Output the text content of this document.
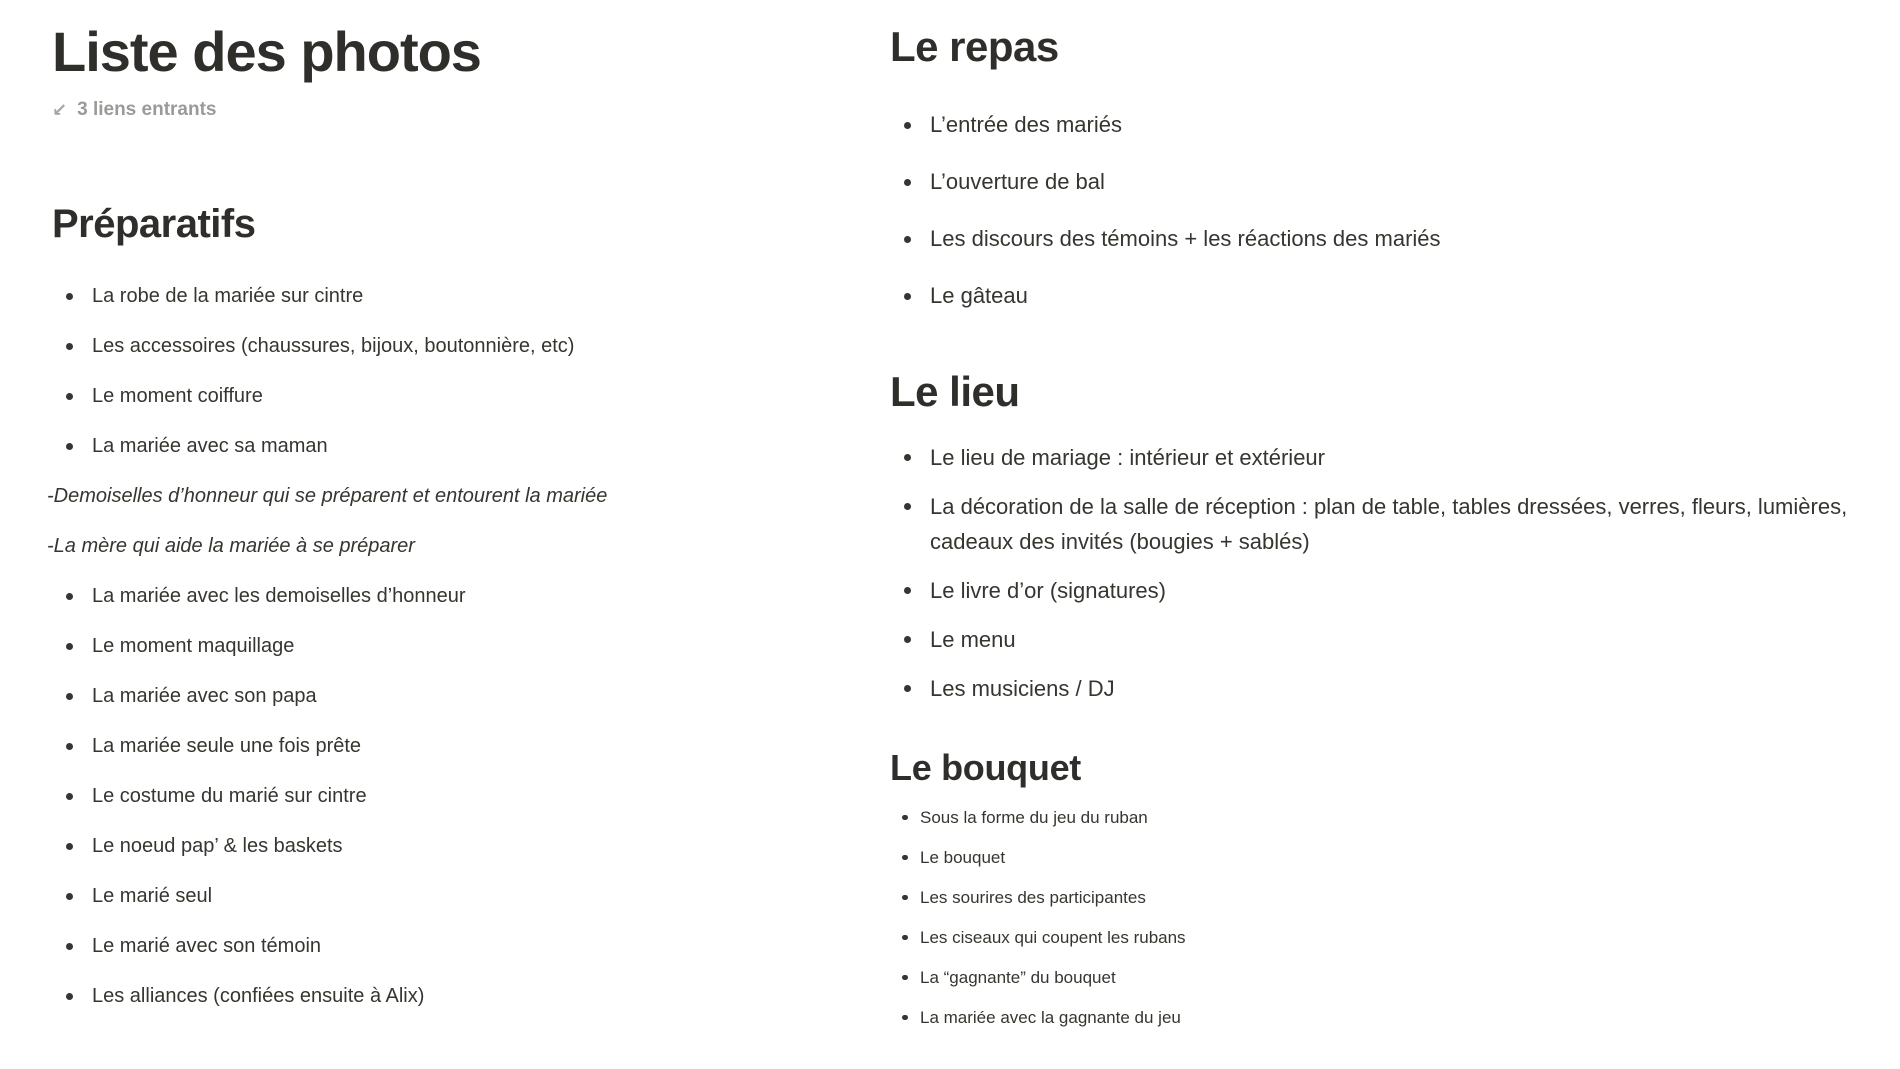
Liste des photos
↙ 3 liens entrants
Préparatifs
La robe de la mariée sur cintre
Les accessoires (chaussures, bijoux, boutonnière, etc)
Le moment coiffure
La mariée avec sa maman

-Demoiselles d’honneur qui se préparent et entourent la mariée

-La mère qui aide la mariée à se préparer

La mariée avec les demoiselles d’honneur
Le moment maquillage
La mariée avec son papa
La mariée seule une fois prête
Le costume du marié sur cintre
Le noeud pap’ & les baskets
Le marié seul
Le marié avec son témoin
Les alliances (confiées ensuite à Alix)
Le repas
L’entrée des mariés
L’ouverture de bal
Les discours des témoins + les réactions des mariés
Le gâteau
Le lieu
Le lieu de mariage : intérieur et extérieur
La décoration de la salle de réception : plan de table, tables dressées, verres, fleurs, lumières, cadeaux des invités (bougies + sablés)
Le livre d’or (signatures)
Le menu
Les musiciens / DJ
Le bouquet
Sous la forme du jeu du ruban
Le bouquet
Les sourires des participantes
Les ciseaux qui coupent les rubans
La “gagnante” du bouquet
La mariée avec la gagnante du jeu
